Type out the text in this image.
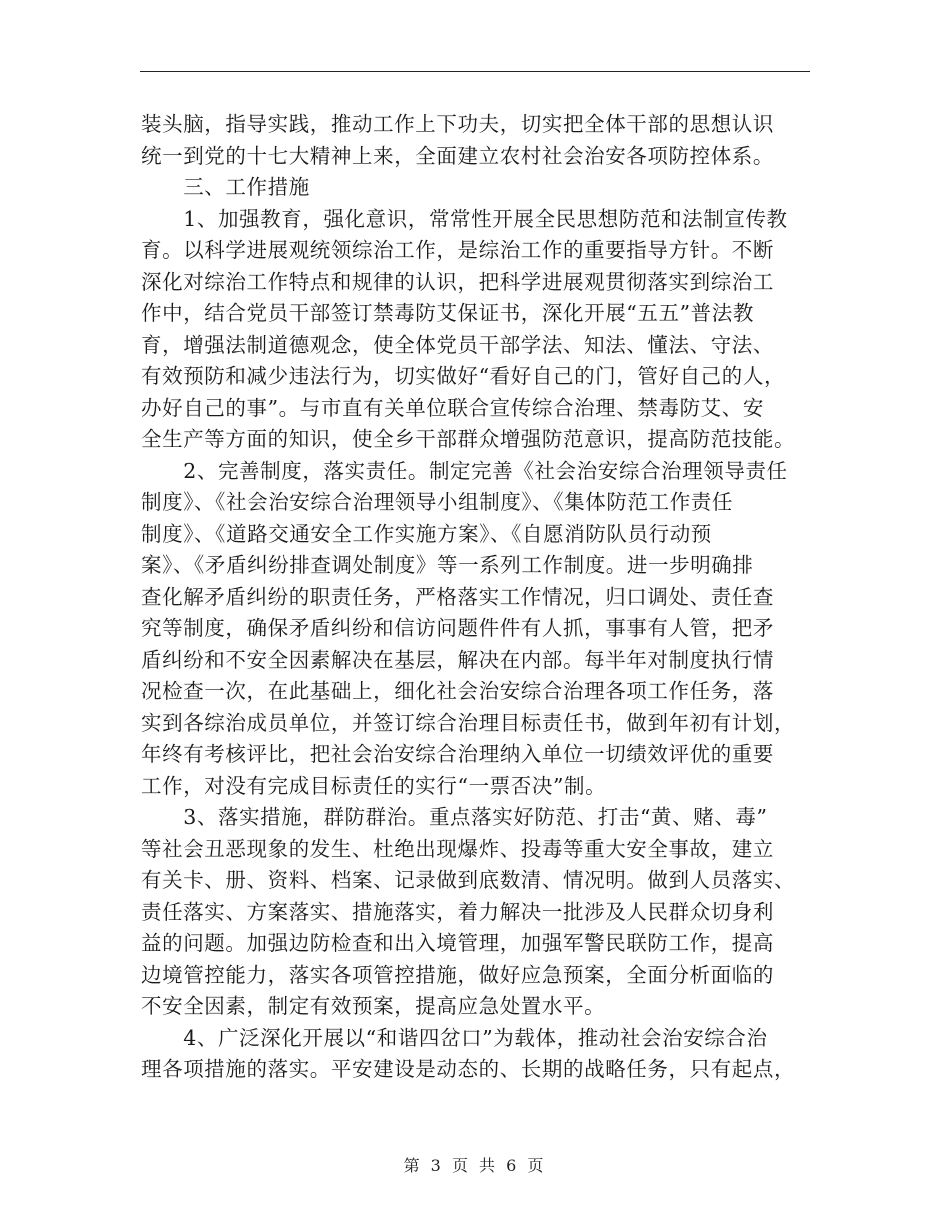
装头脑，指导实践，推动工作上下功夫，切实把全体干部的思想认识
统一到党的十七大精神上来，全面建立农村社会治安各项防控体系。
　　三、工作措施
　　1、加强教育，强化意识，常常性开展全民思想防范和法制宣传教
育。以科学进展观统领综治工作，是综治工作的重要指导方针。不断
深化对综治工作特点和规律的认识，把科学进展观贯彻落实到综治工
作中，结合党员干部签订禁毒防艾保证书，深化开展“五五”普法教
育，增强法制道德观念，使全体党员干部学法、知法、懂法、守法、
有效预防和减少违法行为，切实做好“看好自己的门，管好自己的人，
办好自己的事”。与市直有关单位联合宣传综合治理、禁毒防艾、安
全生产等方面的知识，使全乡干部群众增强防范意识，提高防范技能。
　　2、完善制度，落实责任。制定完善《社会治安综合治理领导责任
制度》、《社会治安综合治理领导小组制度》、《集体防范工作责任
制度》、《道路交通安全工作实施方案》、《自愿消防队员行动预
案》、《矛盾纠纷排查调处制度》等一系列工作制度。进一步明确排
查化解矛盾纠纷的职责任务，严格落实工作情况，归口调处、责任查
究等制度，确保矛盾纠纷和信访问题件件有人抓，事事有人管，把矛
盾纠纷和不安全因素解决在基层，解决在内部。每半年对制度执行情
况检查一次，在此基础上，细化社会治安综合治理各项工作任务，落
实到各综治成员单位，并签订综合治理目标责任书，做到年初有计划，
年终有考核评比，把社会治安综合治理纳入单位一切绩效评优的重要
工作，对没有完成目标责任的实行“一票否决”制。
　　3、落实措施，群防群治。重点落实好防范、打击“黄、赌、毒”
等社会丑恶现象的发生、杜绝出现爆炸、投毒等重大安全事故，建立
有关卡、册、资料、档案、记录做到底数清、情况明。做到人员落实、
责任落实、方案落实、措施落实，着力解决一批涉及人民群众切身利
益的问题。加强边防检查和出入境管理，加强军警民联防工作，提高
边境管控能力，落实各项管控措施，做好应急预案，全面分析面临的
不安全因素，制定有效预案，提高应急处置水平。
　　4、广泛深化开展以“和谐四岔口”为载体，推动社会治安综合治
理各项措施的落实。平安建设是动态的、长期的战略任务，只有起点，
第 3 页 共 6 页
